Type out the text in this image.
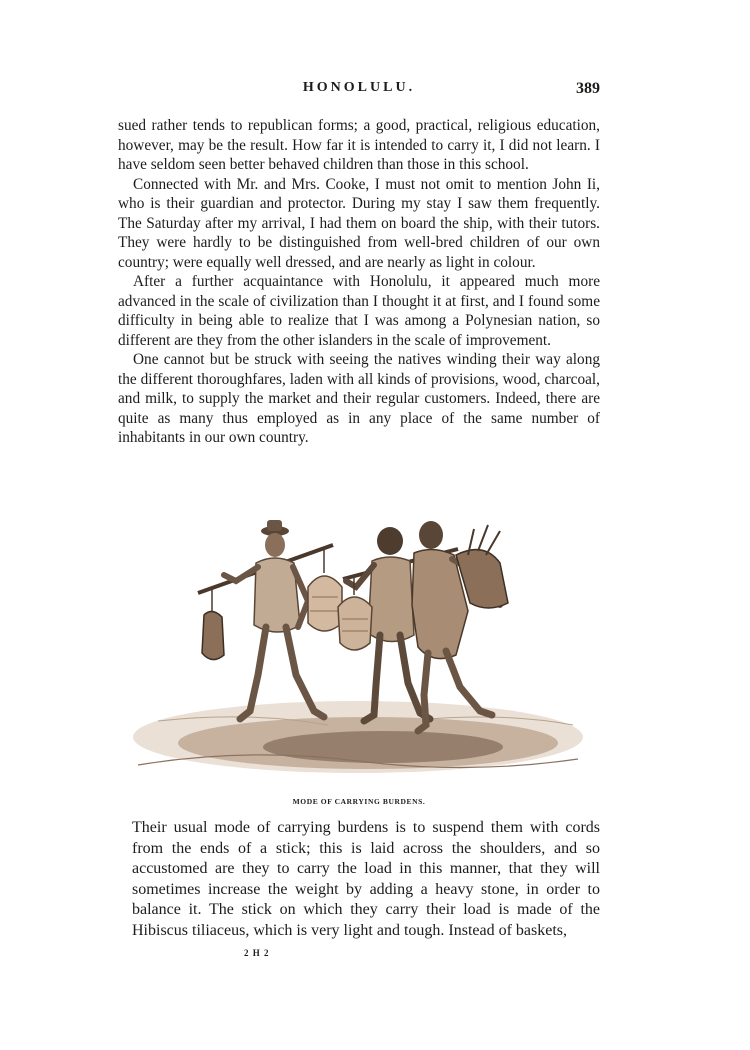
HONOLULU.	389

sued rather tends to republican forms; a good, practical, religious education, however, may be the result. How far it is intended to carry it, I did not learn. I have seldom seen better behaved children than those in this school.

Connected with Mr. and Mrs. Cooke, I must not omit to mention John Ii, who is their guardian and protector. During my stay I saw them frequently. The Saturday after my arrival, I had them on board the ship, with their tutors. They were hardly to be distinguished from well-bred children of our own country; were equally well dressed, and are nearly as light in colour.

After a further acquaintance with Honolulu, it appeared much more advanced in the scale of civilization than I thought it at first, and I found some difficulty in being able to realize that I was among a Polynesian nation, so different are they from the other islanders in the scale of improvement.

One cannot but be struck with seeing the natives winding their way along the different thoroughfares, laden with all kinds of provisions, wood, charcoal, and milk, to supply the market and their regular customers. Indeed, there are quite as many thus employed as in any place of the same number of inhabitants in our own country.

MODE OF CARRYING BURDENS.

Their usual mode of carrying burdens is to suspend them with cords from the ends of a stick; this is laid across the shoulders, and so accustomed are they to carry the load in this manner, that they will sometimes increase the weight by adding a heavy stone, in order to balance it. The stick on which they carry their load is made of the Hibiscus tiliaceus, which is very light and tough. Instead of baskets,

2 H 2
